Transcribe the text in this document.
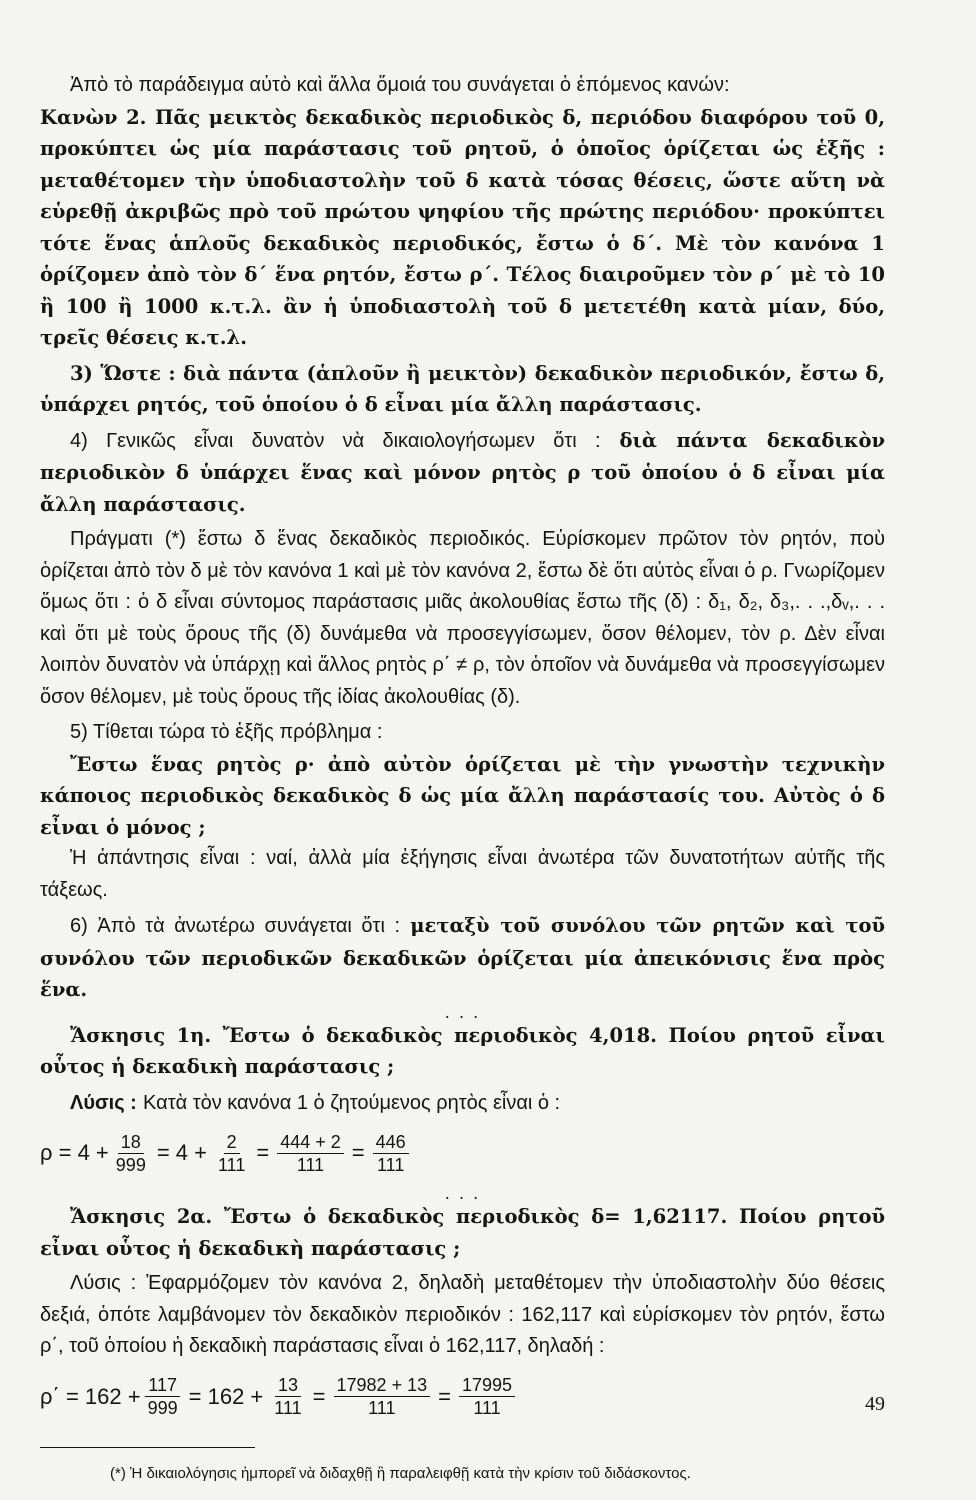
Ἀπὸ τὸ παράδειγμα αὐτὸ καὶ ἄλλα ὅμοιά του συνάγεται ὁ ἑπόμενος κανών:

Κανὼν 2. Πᾶς μεικτὸς δεκαδικὸς περιοδικὸς δ, περιόδου διαφόρου τοῦ 0, προκύπτει ὡς μία παράστασις τοῦ ρητοῦ, ὁ ὁποῖος ὁρίζεται ὡς ἑξῆς : μεταθέτομεν τὴν ὑποδιαστολὴν τοῦ δ κατὰ τόσας θέσεις, ὥστε αὕτη νὰ εὑρεθῇ ἀκριβῶς πρὸ τοῦ πρώτου ψηφίου τῆς πρώτης περιόδου· προκύπτει τότε ἕνας ἁπλοῦς δεκαδικὸς περιοδικός, ἔστω ὁ δ΄. Μὲ τὸν κανόνα 1 ὁρίζομεν ἀπὸ τὸν δ΄ ἕνα ρητόν, ἔστω ρ΄. Τέλος διαιροῦμεν τὸν ρ΄ μὲ τὸ 10 ἢ 100 ἢ 1000 κ.τ.λ. ἂν ἡ ὑποδιαστολὴ τοῦ δ μετετέθη κατὰ μίαν, δύο, τρεῖς θέσεις κ.τ.λ.

3) Ὥστε : διὰ πάντα (ἁπλοῦν ἢ μεικτὸν) δεκαδικὸν περιοδικόν, ἔστω δ, ὑπάρχει ρητός, τοῦ ὁποίου ὁ δ εἶναι μία ἄλλη παράστασις.

4) Γενικῶς εἶναι δυνατὸν νὰ δικαιολογήσωμεν ὅτι : διὰ πάντα δεκαδικὸν περιοδικὸν δ ὑπάρχει ἕνας καὶ μόνον ρητὸς ρ τοῦ ὁποίου ὁ δ εἶναι μία ἄλλη παράστασις.

Πράγματι (*) ἔστω δ ἕνας δεκαδικὸς περιοδικός. Εὑρίσκομεν πρῶτον τὸν ρητόν, ποὺ ὁρίζεται ἀπὸ τὸν δ μὲ τὸν κανόνα 1 καὶ μὲ τὸν κανόνα 2, ἔστω δὲ ὅτι αὐτὸς εἶναι ὁ ρ. Γνωρίζομεν ὅμως ὅτι : ὁ δ εἶναι σύντομος παράστασις μιᾶς ἀκολουθίας ἔστω τῆς (δ) : δ₁, δ₂, δ₃,. . .,δᵥ,. . . καὶ ὅτι μὲ τοὺς ὅρους τῆς (δ) δυνάμεθα νὰ προσεγγίσωμεν, ὅσον θέλομεν, τὸν ρ. Δὲν εἶναι λοιπὸν δυνατὸν νὰ ὑπάρχῃ καὶ ἄλλος ρητὸς ρ΄ ≠ ρ, τὸν ὁποῖον νὰ δυνάμεθα νὰ προσεγγίσωμεν ὅσον θέλομεν, μὲ τοὺς ὅρους τῆς ἰδίας ἀκολουθίας (δ).

5) Τίθεται τώρα τὸ ἑξῆς πρόβλημα :

Ἔστω ἕνας ρητὸς ρ· ἀπὸ αὐτὸν ὁρίζεται μὲ τὴν γνωστὴν τεχνικὴν κάποιος περιοδικὸς δεκαδικὸς δ ὡς μία ἄλλη παράστασίς του. Αὐτὸς ὁ δ εἶναι ὁ μόνος ;

Ἡ ἀπάντησις εἶναι : ναί, ἀλλὰ μία ἐξήγησις εἶναι ἀνωτέρα τῶν δυνατοτήτων αὐτῆς τῆς τάξεως.

6) Ἀπὸ τὰ ἀνωτέρω συνάγεται ὅτι : μεταξὺ τοῦ συνόλου τῶν ρητῶν καὶ τοῦ συνόλου τῶν περιοδικῶν δεκαδικῶν ὁρίζεται μία ἀπεικόνισις ἕνα πρὸς ἕνα.

. . .

Ἄσκησις 1η. Ἔστω ὁ δεκαδικὸς περιοδικὸς 4,018. Ποίου ρητοῦ εἶναι οὗτος ἡ δεκαδικὴ παράστασις ;

Λύσις : Κατὰ τὸν κανόνα 1 ὁ ζητούμενος ρητὸς εἶναι ὁ :

$\rho = 4 + \frac{18}{999} = 4 + \frac{2}{111} = \frac{444 + 2}{111} = \frac{446}{111}$

. . .

Ἄσκησις 2α. Ἔστω ὁ δεκαδικὸς περιοδικὸς δ= 1,62117. Ποίου ρητοῦ εἶναι οὗτος ἡ δεκαδικὴ παράστασις ;

Λύσις : Ἐφαρμόζομεν τὸν κανόνα 2, δηλαδὴ μεταθέτομεν τὴν ὑποδιαστολὴν δύο θέσεις δεξιά, ὁπότε λαμβάνομεν τὸν δεκαδικὸν περιοδικόν : 162,117 καὶ εὑρίσκομεν τὸν ρητόν, ἔστω ρ΄, τοῦ ὁποίου ἡ δεκαδικὴ παράστασις εἶναι ὁ 162,117, δηλαδή :

$\rho΄ = 162 + \frac{117}{999} = 162 + \frac{13}{111} = \frac{17982 + 13}{111} = \frac{17995}{111}$

(*) Ἡ δικαιολόγησις ἠμπορεῖ νὰ διδαχθῇ ἢ παραλειφθῇ κατὰ τὴν κρίσιν τοῦ διδάσκοντος.

49
